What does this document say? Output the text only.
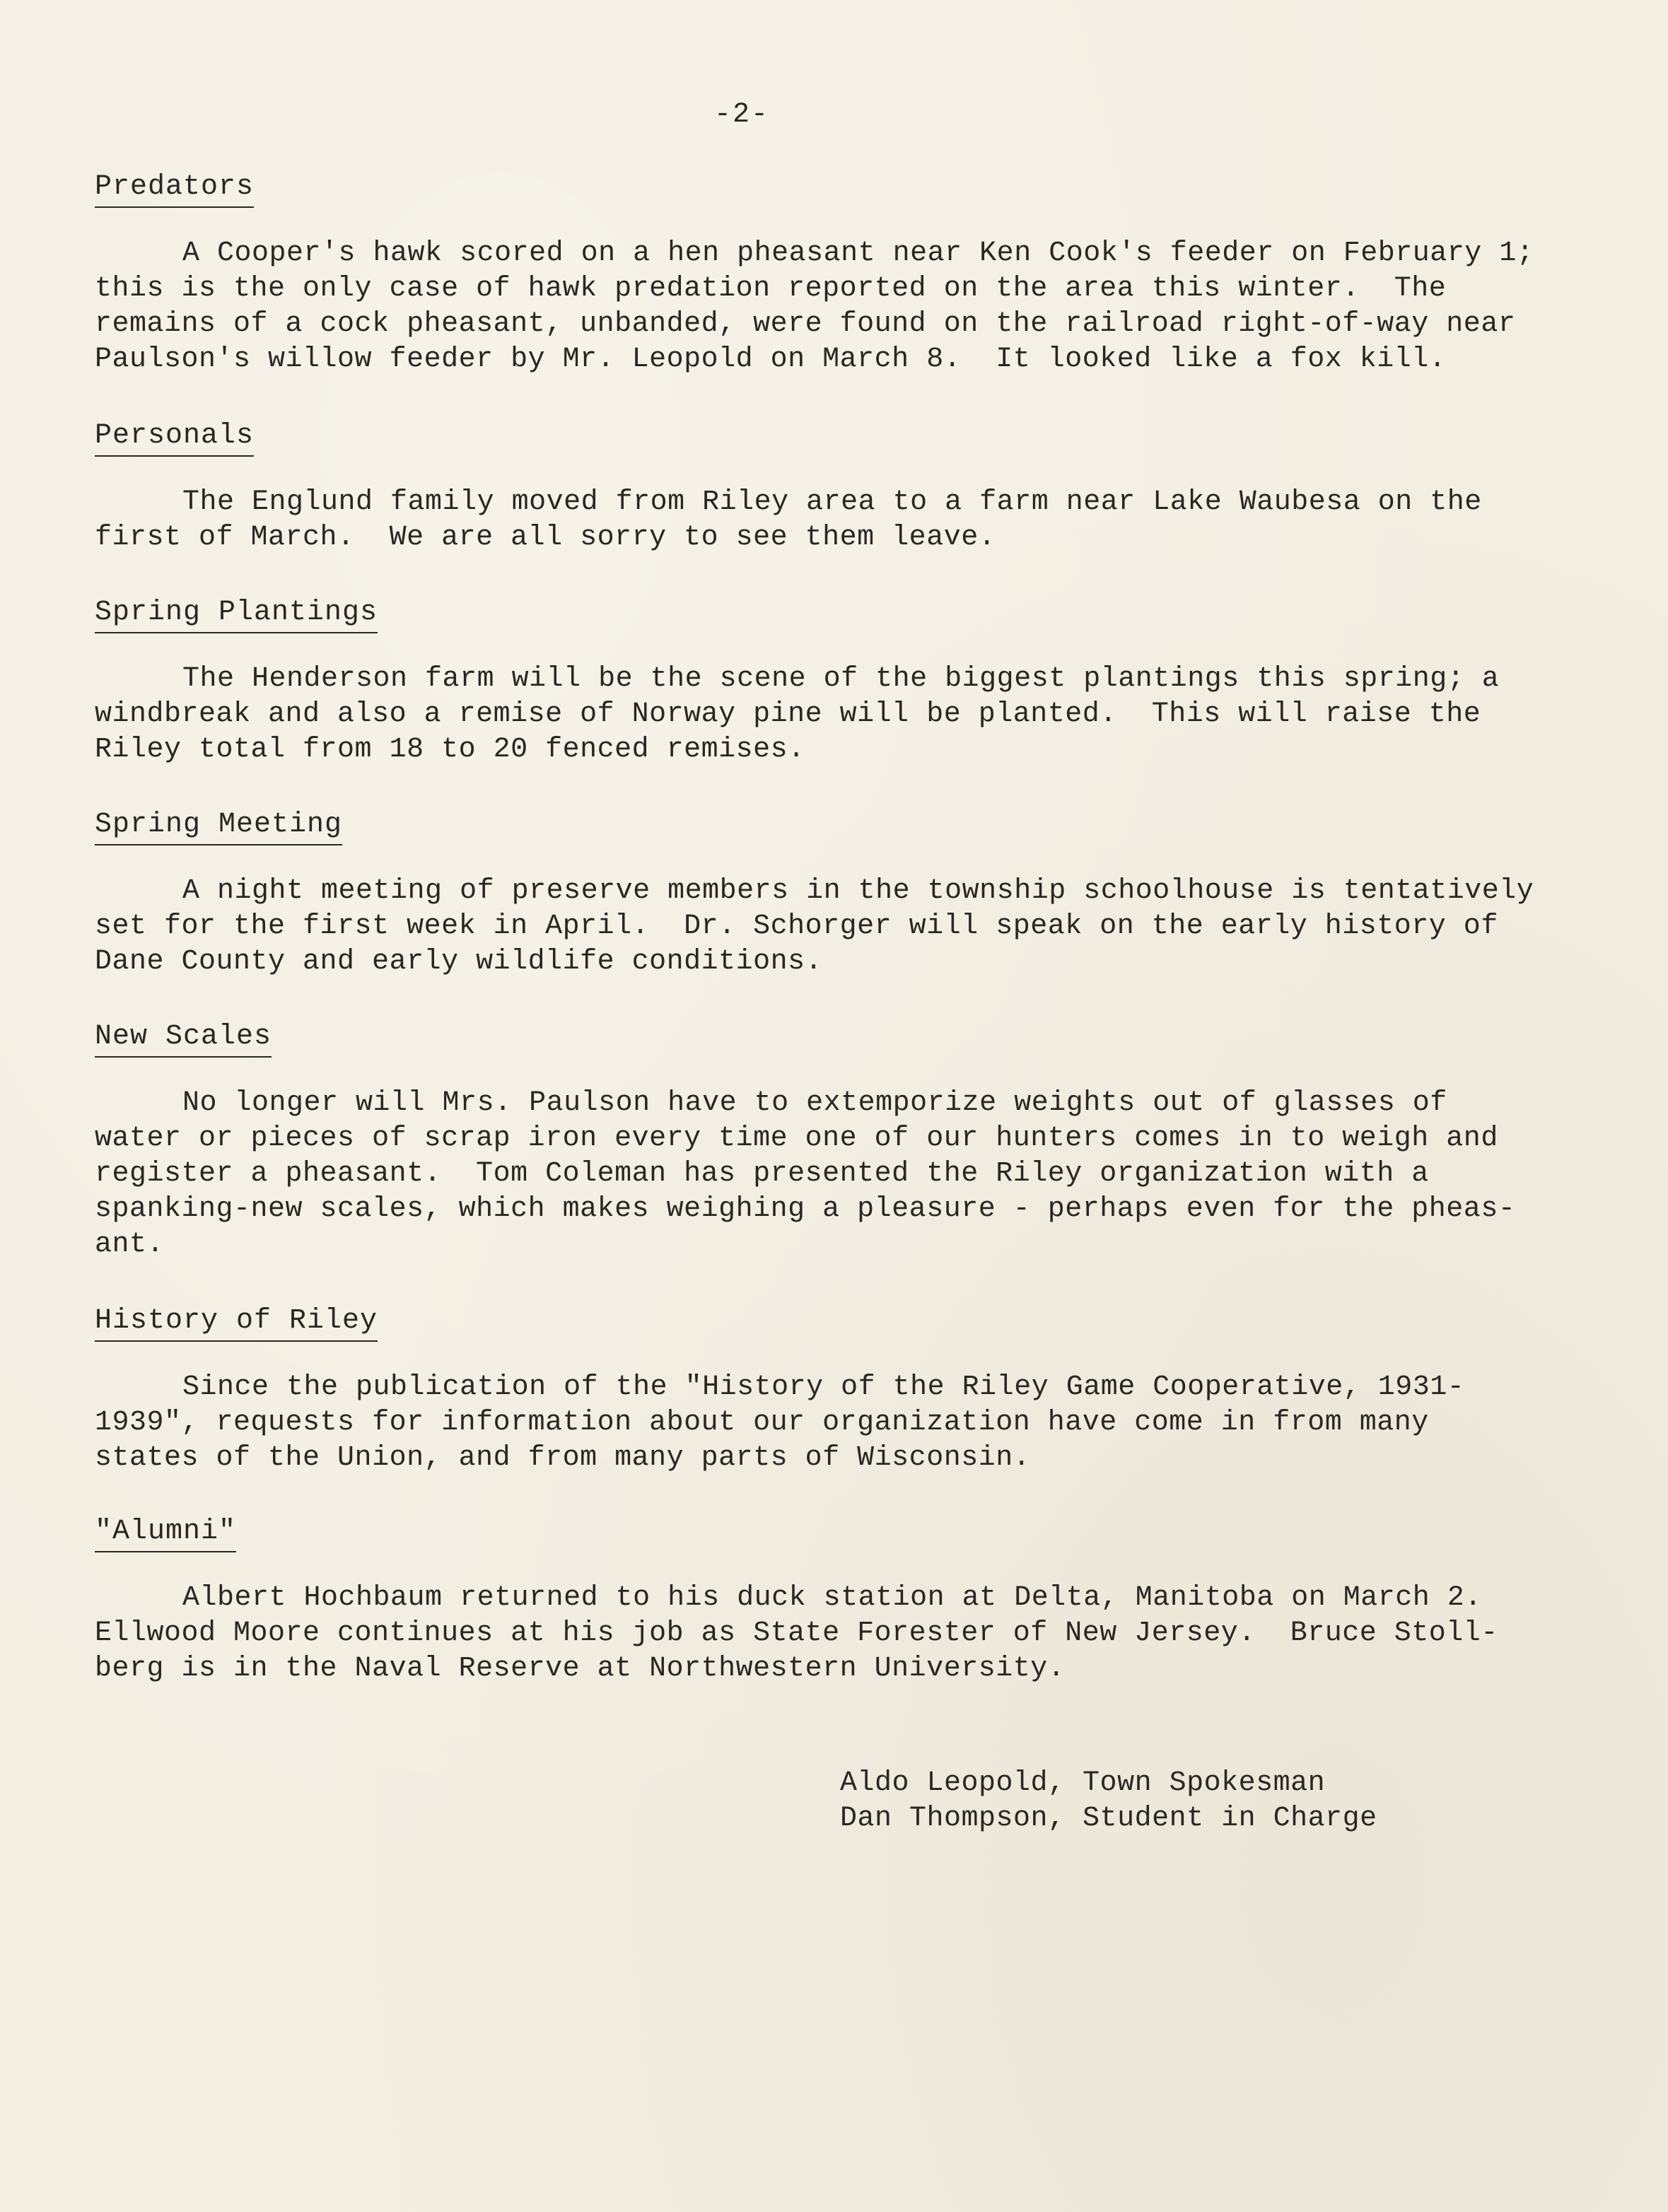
-2-
Predators
A Cooper's hawk scored on a hen pheasant near Ken Cook's feeder on February 1;
this is the only case of hawk predation reported on the area this winter.  The
remains of a cock pheasant, unbanded, were found on the railroad right-of-way near
Paulson's willow feeder by Mr. Leopold on March 8.  It looked like a fox kill.
Personals
The Englund family moved from Riley area to a farm near Lake Waubesa on the
first of March.  We are all sorry to see them leave.
Spring Plantings
The Henderson farm will be the scene of the biggest plantings this spring; a
windbreak and also a remise of Norway pine will be planted.  This will raise the
Riley total from 18 to 20 fenced remises.
Spring Meeting
A night meeting of preserve members in the township schoolhouse is tentatively
set for the first week in April.  Dr. Schorger will speak on the early history of
Dane County and early wildlife conditions.
New Scales
No longer will Mrs. Paulson have to extemporize weights out of glasses of
water or pieces of scrap iron every time one of our hunters comes in to weigh and
register a pheasant.  Tom Coleman has presented the Riley organization with a
spanking-new scales, which makes weighing a pleasure - perhaps even for the pheas-
ant.
History of Riley
Since the publication of the "History of the Riley Game Cooperative, 1931-
1939", requests for information about our organization have come in from many
states of the Union, and from many parts of Wisconsin.
"Alumni"
Albert Hochbaum returned to his duck station at Delta, Manitoba on March 2.
Ellwood Moore continues at his job as State Forester of New Jersey.  Bruce Stoll-
berg is in the Naval Reserve at Northwestern University.
Aldo Leopold, Town Spokesman
Dan Thompson, Student in Charge
